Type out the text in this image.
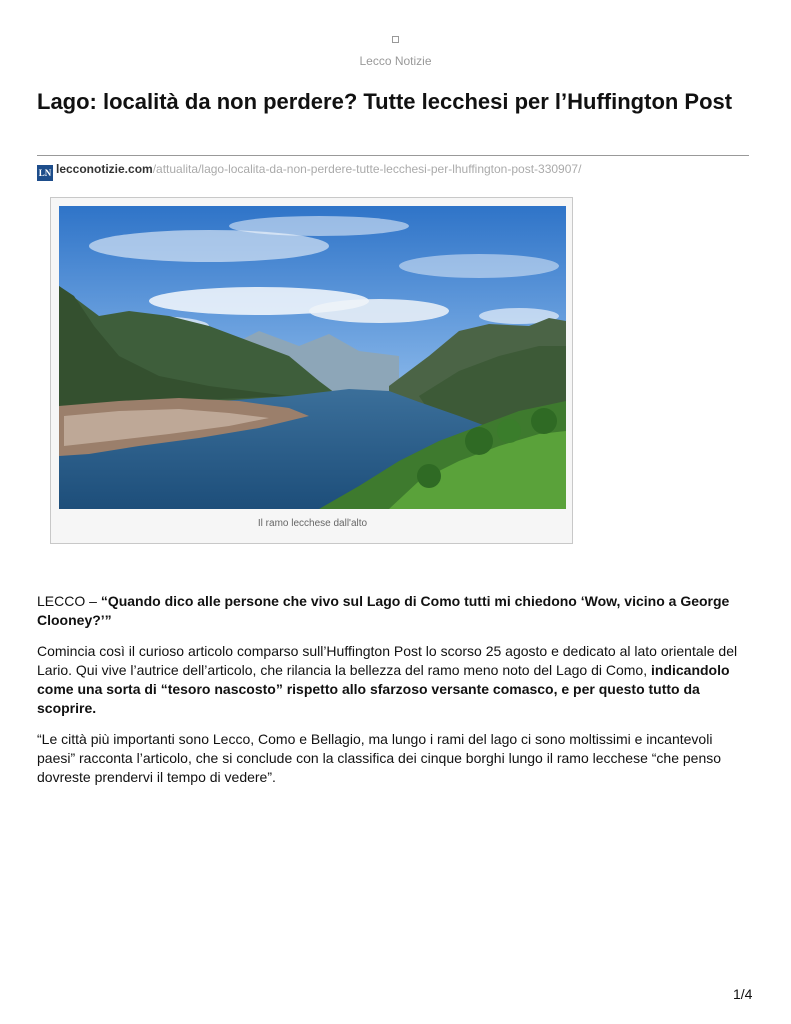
Lecco Notizie
Lago: località da non perdere? Tutte lecchesi per l’Huffington Post
LN lecconotizie.com/attualita/lago-localita-da-non-perdere-tutte-lecchesi-per-lhuffington-post-330907/
Il ramo lecchese dall'alto

LECCO – “Quando dico alle persone che vivo sul Lago di Como tutti mi chiedono ‘Wow, vicino a George Clooney?’”

Comincia così il curioso articolo comparso sull’Huffington Post lo scorso 25 agosto e dedicato al lato orientale del Lario. Qui vive l’autrice dell’articolo, che rilancia la bellezza del ramo meno noto del Lago di Como, indicandolo come una sorta di “tesoro nascosto” rispetto allo sfarzoso versante comasco, e per questo tutto da scoprire.

“Le città più importanti sono Lecco, Como e Bellagio, ma lungo i rami del lago ci sono moltissimi e incantevoli paesi” racconta l’articolo, che si conclude con la classifica dei cinque borghi lungo il ramo lecchese “che penso dovreste prendervi il tempo di vedere”.

1/4
